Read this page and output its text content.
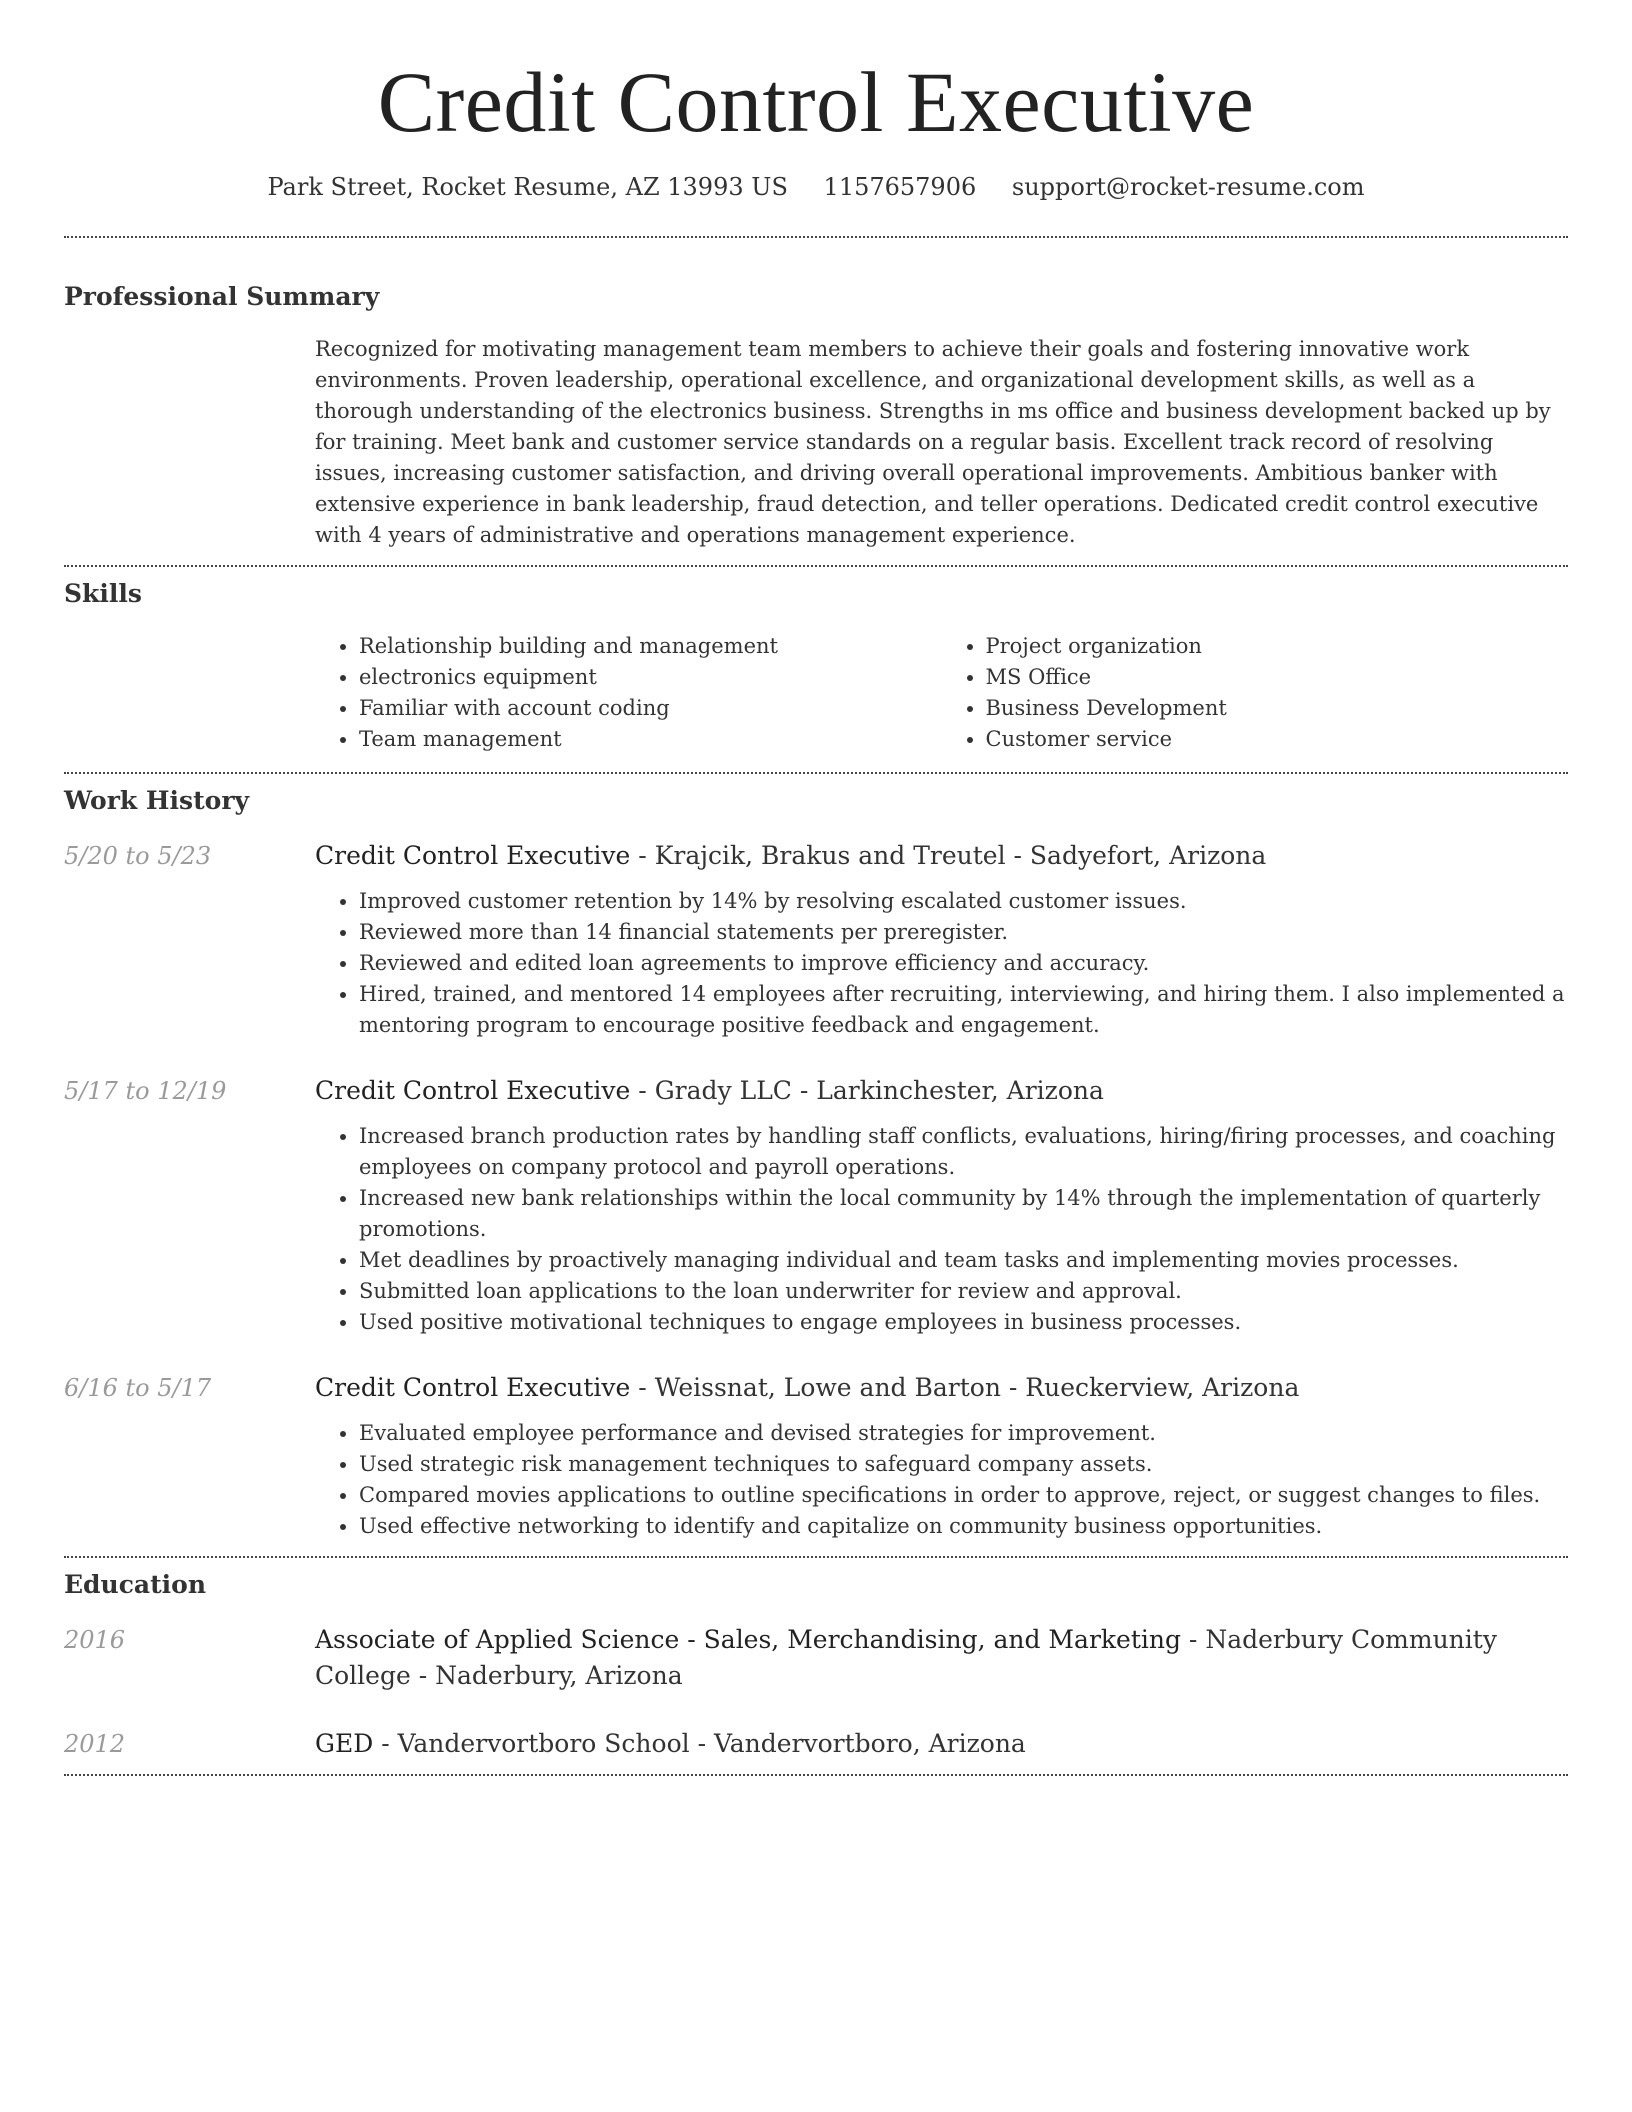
Credit Control Executive
Park Street, Rocket Resume, AZ 13993 US 1157657906 support@rocket-resume.com
Professional Summary

Recognized for motivating management team members to achieve their goals and fostering innovative work environments. Proven leadership, operational excellence, and organizational development skills, as well as a thorough understanding of the electronics business. Strengths in ms office and business development backed up by for training. Meet bank and customer service standards on a regular basis. Excellent track record of resolving issues, increasing customer satisfaction, and driving overall operational improvements. Ambitious banker with extensive experience in bank leadership, fraud detection, and teller operations. Dedicated credit control executive with 4 years of administrative and operations management experience.

Skills
• Relationship building and management
• electronics equipment
• Familiar with account coding
• Team management
• Project organization
• MS Office
• Business Development
• Customer service
Work History
5/20 to 5/23	Credit Control Executive - Krajcik, Brakus and Treutel - Sadyefort, Arizona

• Improved customer retention by 14% by resolving escalated customer issues.
• Reviewed more than 14 financial statements per preregister.
• Reviewed and edited loan agreements to improve efficiency and accuracy.
• Hired, trained, and mentored 14 employees after recruiting, interviewing, and hiring them. I also implemented a mentoring program to encourage positive feedback and engagement.
5/17 to 12/19	Credit Control Executive - Grady LLC - Larkinchester, Arizona

• Increased branch production rates by handling staff conflicts, evaluations, hiring/firing processes, and coaching employees on company protocol and payroll operations.
• Increased new bank relationships within the local community by 14% through the implementation of quarterly promotions.
• Met deadlines by proactively managing individual and team tasks and implementing movies processes.
• Submitted loan applications to the loan underwriter for review and approval.
• Used positive motivational techniques to engage employees in business processes.
6/16 to 5/17	Credit Control Executive - Weissnat, Lowe and Barton - Rueckerview, Arizona

• Evaluated employee performance and devised strategies for improvement.
• Used strategic risk management techniques to safeguard company assets.
• Compared movies applications to outline specifications in order to approve, reject, or suggest changes to files.
• Used effective networking to identify and capitalize on community business opportunities.
Education
2016	Associate of Applied Science - Sales, Merchandising, and Marketing - Naderbury Community College - Naderbury, Arizona

2012	GED - Vandervortboro School - Vandervortboro, Arizona
